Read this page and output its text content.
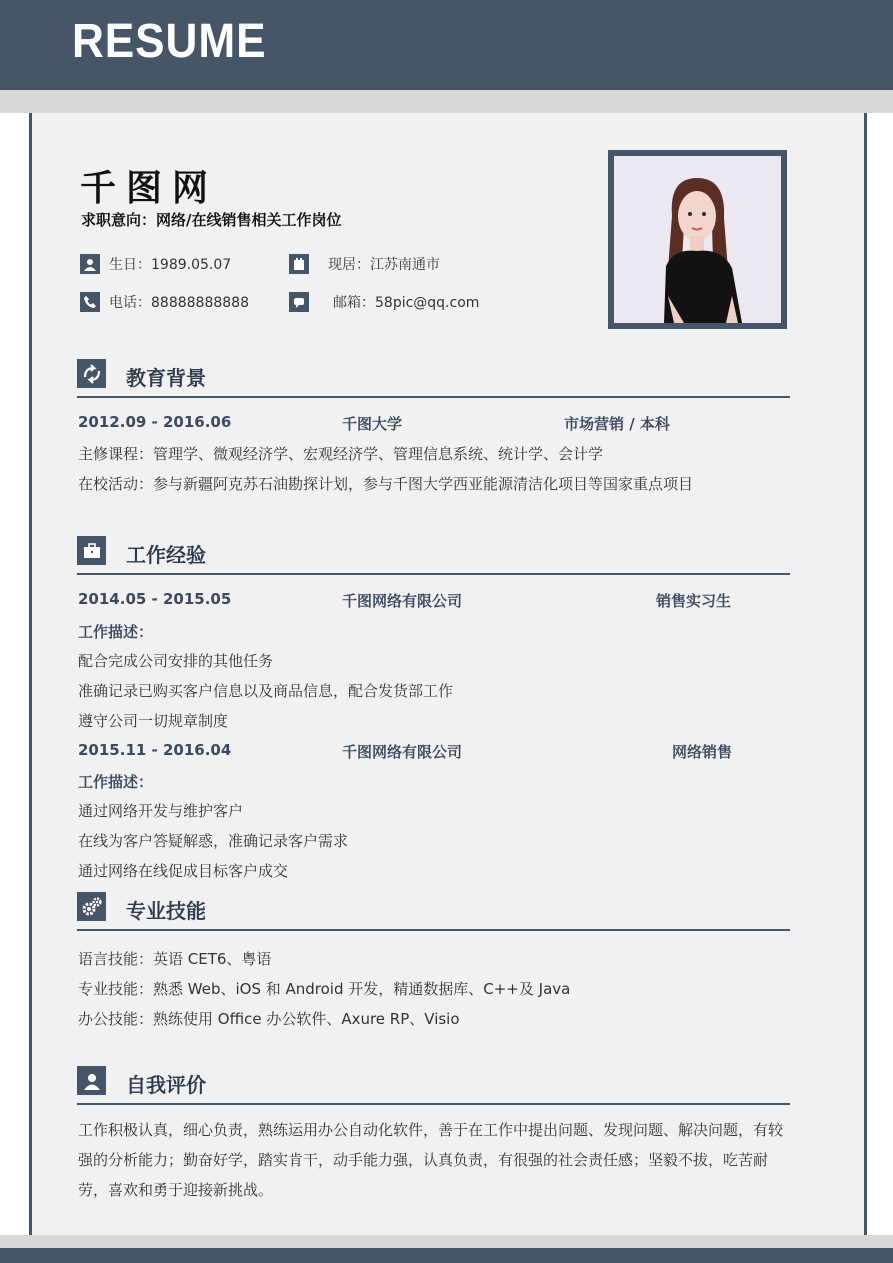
RESUME
千图网
求职意向：网络/在线销售相关工作岗位
生日：1989.05.07	现居：江苏南通市
电话：88888888888	邮箱：58pic@qq.com
教育背景
2012.09 - 2016.06	千图大学	市场营销 / 本科
主修课程：管理学、微观经济学、宏观经济学、管理信息系统、统计学、会计学
在校活动：参与新疆阿克苏石油勘探计划，参与千图大学西亚能源清洁化项目等国家重点项目
工作经验
2014.05 - 2015.05	千图网络有限公司	销售实习生
工作描述：
配合完成公司安排的其他任务
准确记录已购买客户信息以及商品信息，配合发货部工作
遵守公司一切规章制度
2015.11 - 2016.04	千图网络有限公司	网络销售
工作描述：
通过网络开发与维护客户
在线为客户答疑解惑，准确记录客户需求
通过网络在线促成目标客户成交
专业技能
语言技能：英语 CET6、粤语
专业技能：熟悉 Web、iOS 和 Android 开发，精通数据库、C++及 Java
办公技能：熟练使用 Office 办公软件、Axure RP、Visio
自我评价
工作积极认真，细心负责，熟练运用办公自动化软件，善于在工作中提出问题、发现问题、解决问题，有较强的分析能力；勤奋好学，踏实肯干，动手能力强，认真负责，有很强的社会责任感；坚毅不拔，吃苦耐劳，喜欢和勇于迎接新挑战。
